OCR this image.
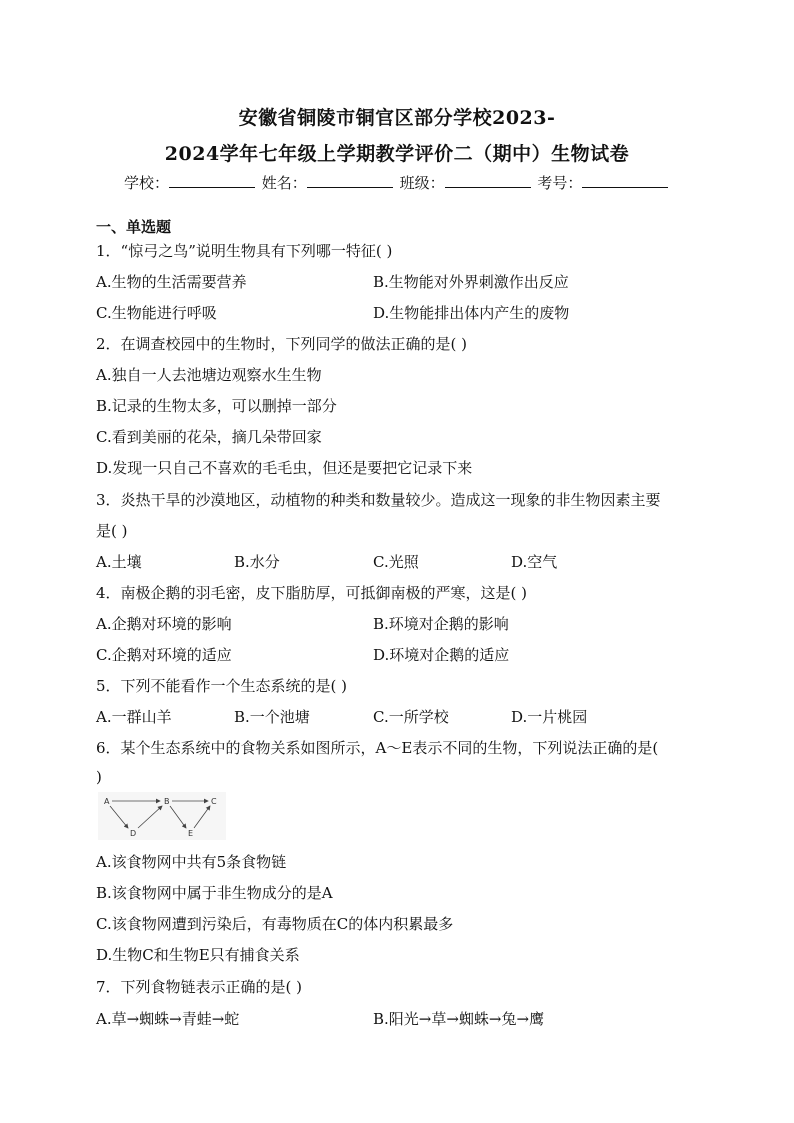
安徽省铜陵市铜官区部分学校2023-
2024学年七年级上学期教学评价二（期中）生物试卷
学校：	姓名：	班级：	考号：
一、单选题
1．“惊弓之鸟”说明生物具有下列哪一特征( )
A.生物的生活需要营养	B.生物能对外界刺激作出反应
C.生物能进行呼吸	D.生物能排出体内产生的废物
2．在调查校园中的生物时，下列同学的做法正确的是( )
A.独自一人去池塘边观察水生生物
B.记录的生物太多，可以删掉一部分
C.看到美丽的花朵，摘几朵带回家
D.发现一只自己不喜欢的毛毛虫，但还是要把它记录下来
3．炎热干旱的沙漠地区，动植物的种类和数量较少。造成这一现象的非生物因素主要
是( )
A.土壤	B.水分	C.光照	D.空气
4．南极企鹅的羽毛密，皮下脂肪厚，可抵御南极的严寒，这是( )
A.企鹅对环境的影响	B.环境对企鹅的影响
C.企鹅对环境的适应	D.环境对企鹅的适应
5．下列不能看作一个生态系统的是( )
A.一群山羊	B.一个池塘	C.一所学校	D.一片桃园
6．某个生态系统中的食物关系如图所示，A～E表示不同的生物，下列说法正确的是(
)
A	B	C
D	E
A.该食物网中共有5条食物链
B.该食物网中属于非生物成分的是A
C.该食物网遭到污染后，有毒物质在C的体内积累最多
D.生物C和生物E只有捕食关系
7．下列食物链表示正确的是( )
A.草→蜘蛛→青蛙→蛇	B.阳光→草→蜘蛛→兔→鹰
